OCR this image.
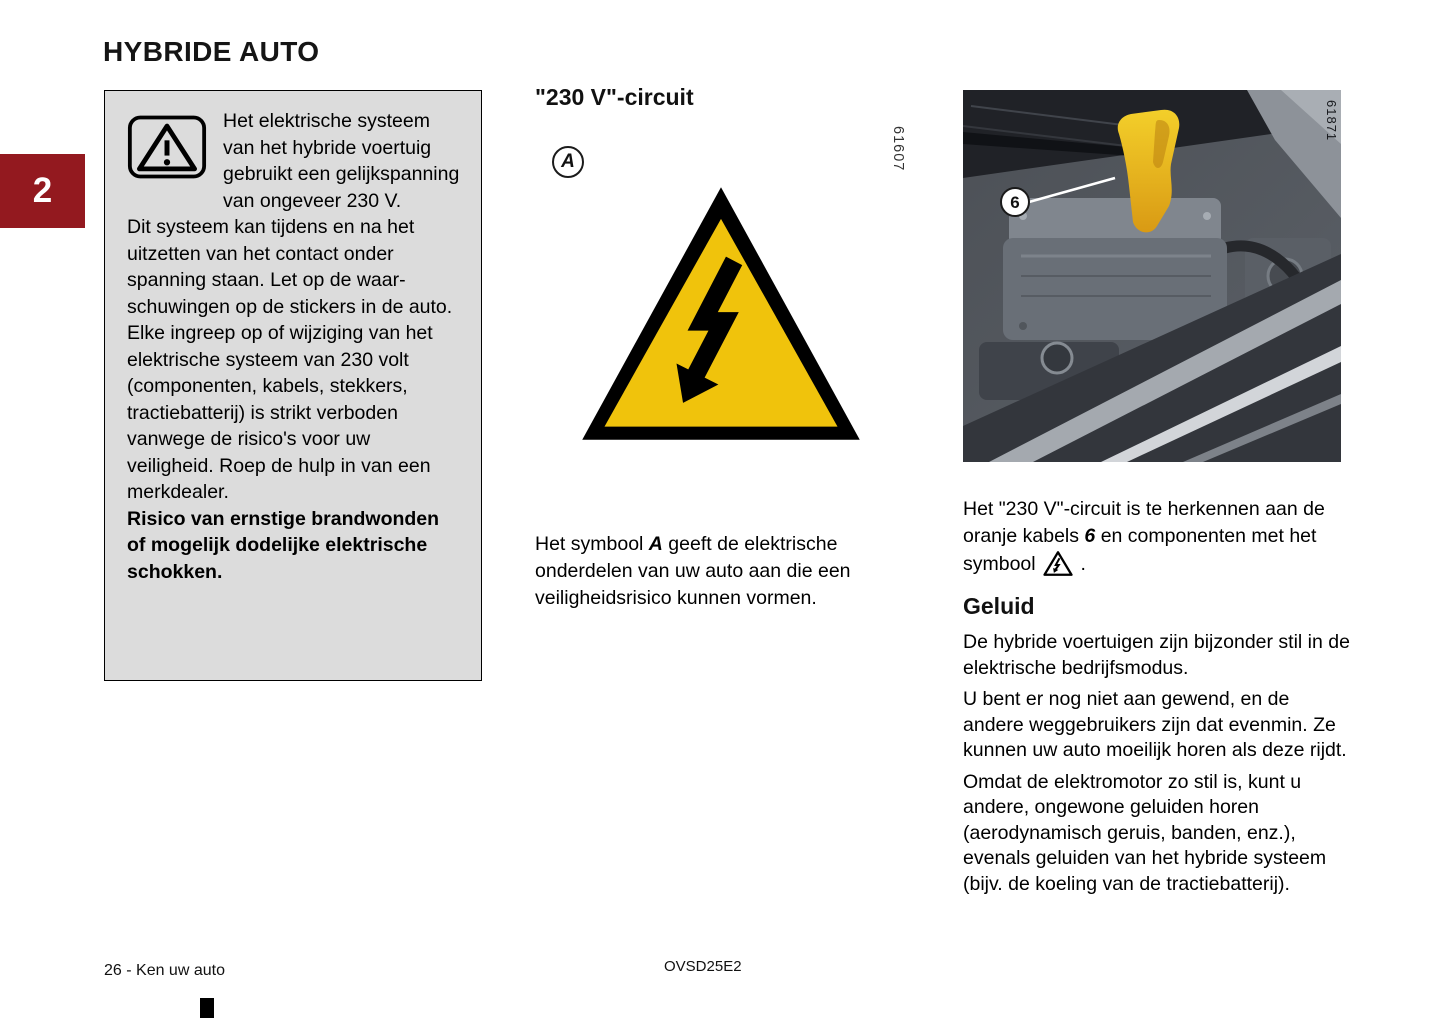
HYBRIDE AUTO
2

Het elektrische systeem van het hybride voertuig gebruikt een gelijkspanning van ongeveer 230 V.

Dit systeem kan tijdens en na het uitzetten van het contact onder spanning staan. Let op de waarschuwingen op de stickers in de auto.

Elke ingreep op of wijziging van het elektrische systeem van 230 volt (componenten, kabels, stekkers, tractiebatterij) is strikt verboden vanwege de risico's voor uw veiligheid. Roep de hulp in van een merkdealer.

Risico van ernstige brandwonden of mogelijk dodelijke elektrische schokken.

"230 V"-circuit
A	61607

Het symbool A geeft de elektrische onderdelen van uw auto aan die een veiligheidsrisico kunnen vormen.

61871
6

Het "230 V"-circuit is te herkennen aan de oranje kabels 6 en componenten met het symbool  .

Geluid

De hybride voertuigen zijn bijzonder stil in de elektrische bedrijfsmodus.

U bent er nog niet aan gewend, en de andere weggebruikers zijn dat evenmin. Ze kunnen uw auto moeilijk horen als deze rijdt.

Omdat de elektromotor zo stil is, kunt u andere, ongewone geluiden horen (aerodynamisch geruis, banden, enz.), evenals geluiden van het hybride systeem (bijv. de koeling van de tractiebatterij).

26 - Ken uw auto	OVSD25E2
